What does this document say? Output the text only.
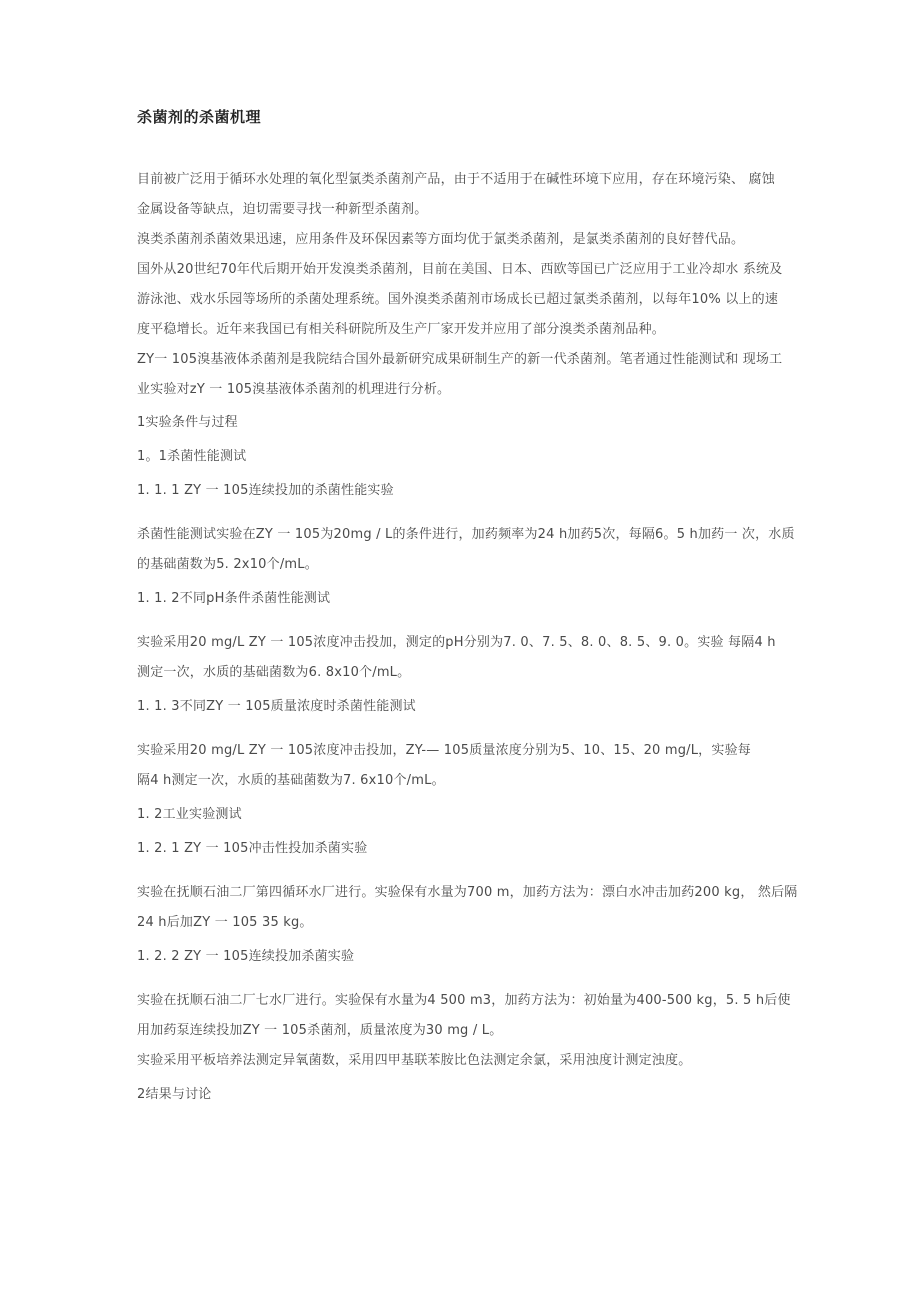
杀菌剂的杀菌机理
目前被广泛用于循环水处理的氧化型氯类杀菌剂产品，由于不适用于在碱性环境下应用，存在环境污染、 腐蚀
金属设备等缺点，迫切需要寻找一种新型杀菌剂。
溴类杀菌剂杀菌效果迅速，应用条件及环保因素等方面均优于氯类杀菌剂，是氯类杀菌剂的良好替代品。
国外从20世纪70年代后期开始开发溴类杀菌剂，目前在美国、日本、西欧等国已广泛应用于工业冷却水 系统及
游泳池、戏水乐园等场所的杀菌处理系统。国外溴类杀菌剂市场成长已超过氯类杀菌剂，以每年10% 以上的速
度平稳增长。近年来我国已有相关科研院所及生产厂家开发并应用了部分溴类杀菌剂品种。
ZY一 105溴基液体杀菌剂是我院结合国外最新研究成果研制生产的新一代杀菌剂。笔者通过性能测试和 现场工
业实验对zY 一 105溴基液体杀菌剂的机理进行分析。
1实验条件与过程
1。1杀菌性能测试
1. 1. 1 ZY 一 105连续投加的杀菌性能实验
杀菌性能测试实验在ZY 一 105为20mg / L的条件进行，加药频率为24 h加药5次，每隔6。5 h加药一 次，水质
的基础菌数为5. 2x10个/mL。
1. 1. 2不同pH条件杀菌性能测试
实验采用20 mg/L ZY 一 105浓度冲击投加，测定的pH分别为7. 0、7. 5、8. 0、8. 5、9. 0。实验 每隔4 h
测定一次，水质的基础菌数为6. 8x10个/mL。
1. 1. 3不同ZY 一 105质量浓度时杀菌性能测试
实验采用20 mg/L ZY 一 105浓度冲击投加，ZY-— 105质量浓度分别为5、10、15、20 mg/L，实验每
隔4 h测定一次，水质的基础菌数为7. 6x10个/mL。
1. 2工业实验测试
1. 2. 1 ZY 一 105冲击性投加杀菌实验
实验在抚顺石油二厂第四循环水厂进行。实验保有水量为700 m，加药方法为：漂白水冲击加药200 kg， 然后隔
24 h后加ZY 一 105 35 kg。
1. 2. 2 ZY 一 105连续投加杀菌实验
实验在抚顺石油二厂七水厂进行。实验保有水量为4 500 m3，加药方法为：初始量为400-500 kg，5. 5 h后使
用加药泵连续投加ZY 一 105杀菌剂，质量浓度为30 mg / L。
实验采用平板培养法测定异氧菌数，采用四甲基联苯胺比色法测定余氯，采用浊度计测定浊度。
2结果与讨论
